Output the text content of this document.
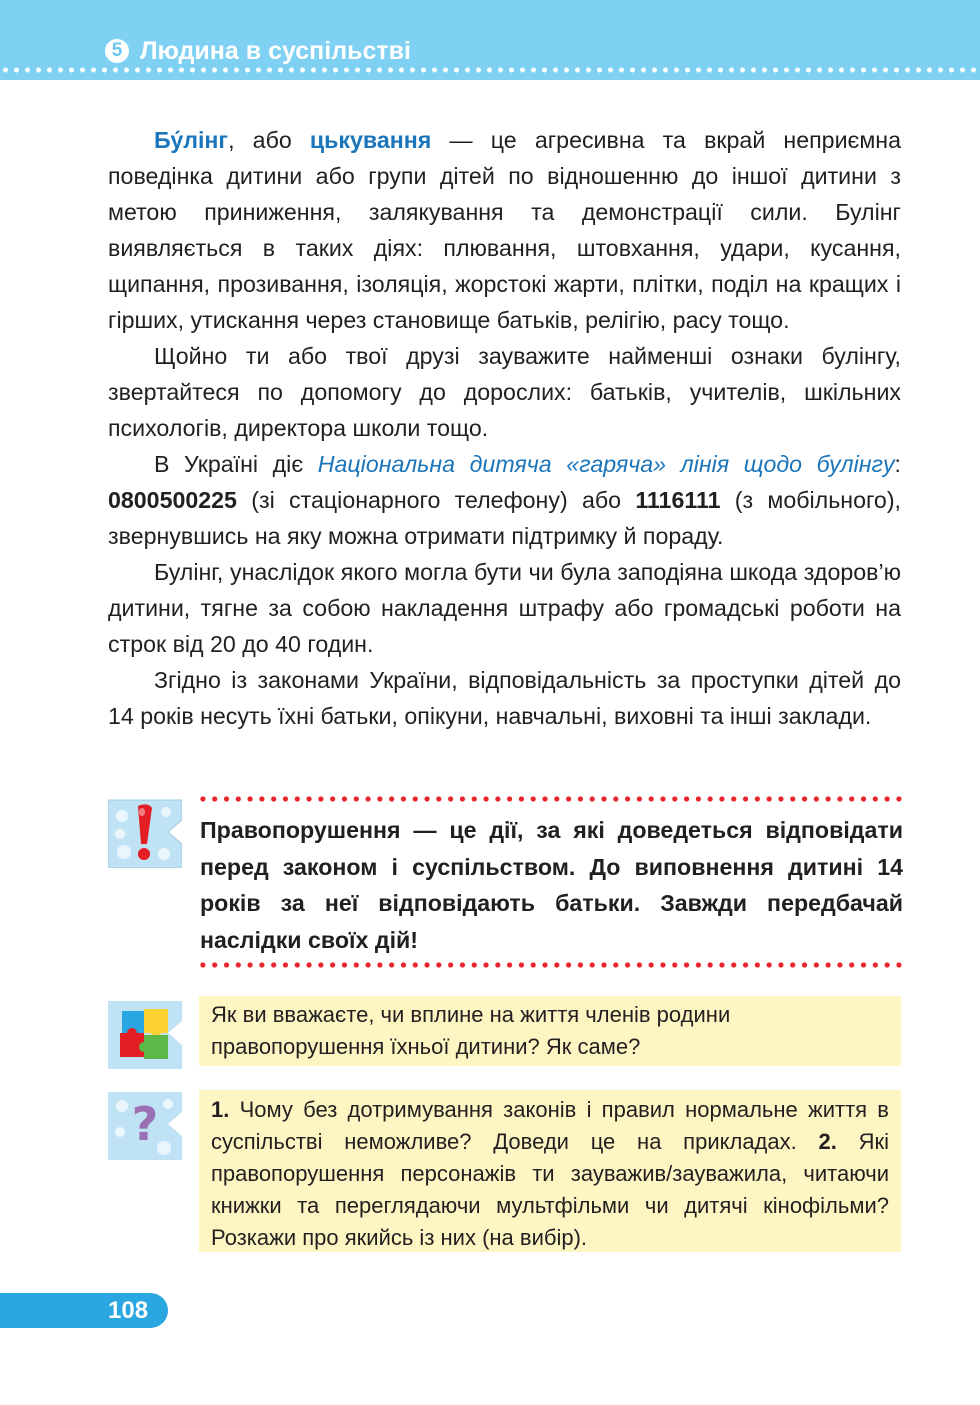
5 Людина в суспільстві

Бу́лінг, або цькування — це агресивна та вкрай неприємна поведінка дитини або групи дітей по відношенню до іншої дитини з метою приниження, залякування та демонстрації сили. Булінг виявляється в таких діях: плювання, штовхання, удари, кусання, щипання, прозивання, ізоляція, жорстокі жарти, плітки, поділ на кращих і гірших, утискання через становище батьків, релігію, расу тощо.

Щойно ти або твої друзі зауважите найменші ознаки булінгу, звертайтеся по допомогу до дорослих: батьків, учителів, шкільних психологів, директора школи тощо.

В Україні діє Національна дитяча «гаряча» лінія щодо булінгу: 0800500225 (зі стаціонарного телефону) або 1116111 (з мобільного), звернувшись на яку можна отримати підтримку й пораду.

Булінг, унаслідок якого могла бути чи була заподіяна шкода здоров’ю дитини, тягне за собою накладення штрафу або громадські роботи на строк від 20 до 40 годин.

Згідно із законами України, відповідальність за проступки дітей до 14 років несуть їхні батьки, опікуни, навчальні, виховні та інші заклади.

Правопорушення — це дії, за які доведеться відповідати перед законом і суспільством. До виповнення дитині 14 років за неї відповідають батьки. Завжди передбачай наслідки своїх дій!
Як ви вважаєте, чи вплине на життя членів родини правопорушення їхньої дитини? Як саме?
?	1. Чому без дотримування законів і правил нормальне життя в суспільстві неможливе? Доведи це на прикладах. 2. Які правопорушення персонажів ти зауважив/зауважила, читаючи книжки та переглядаючи мультфільми чи дитячі кінофільми? Розкажи про якийсь із них (на вибір).
108
